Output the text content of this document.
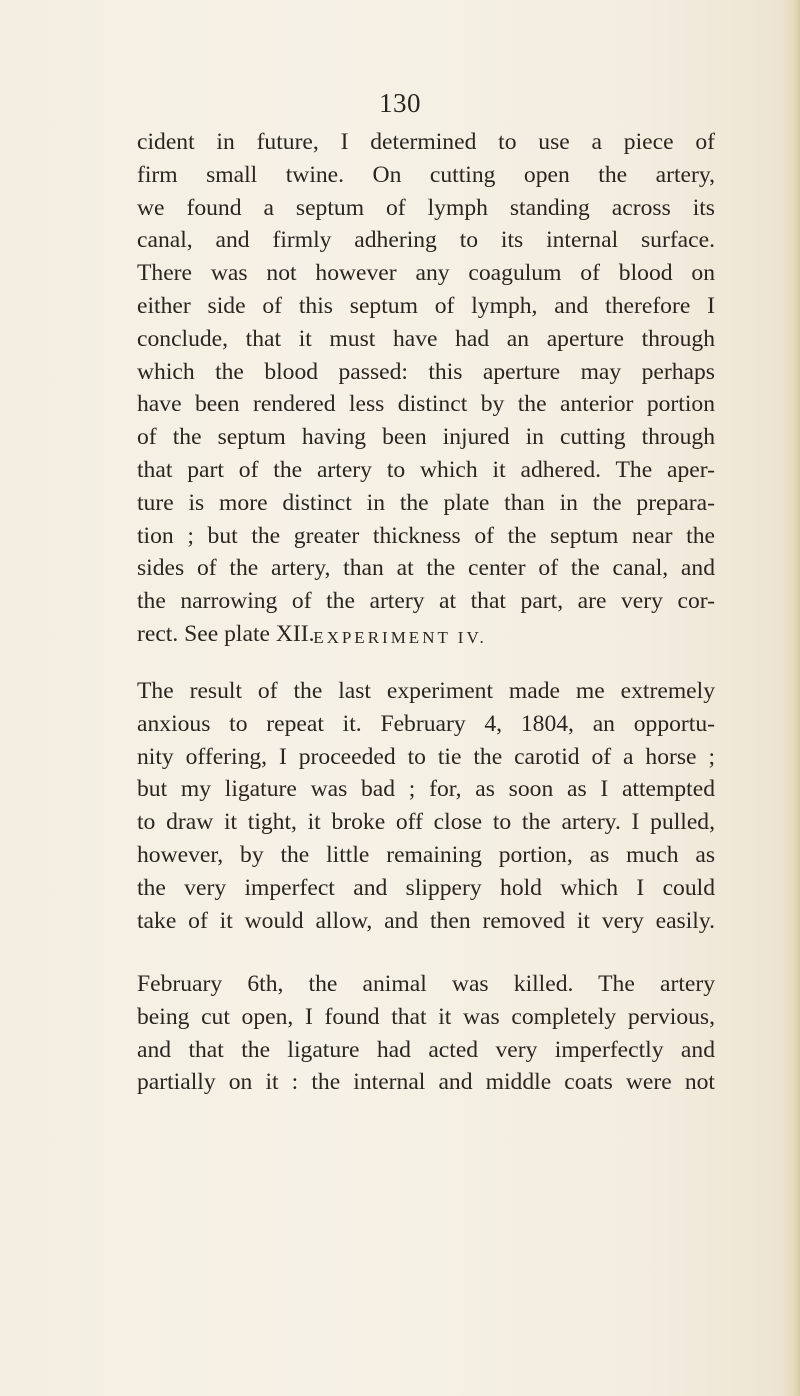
130
cident in future, I determined to use a piece of
firm small twine. On cutting open the artery,
we found a septum of lymph standing across its
canal, and firmly adhering to its internal surface.
There was not however any coagulum of blood on
either side of this septum of lymph, and therefore I
conclude, that it must have had an aperture through
which the blood passed: this aperture may perhaps
have been rendered less distinct by the anterior portion
of the septum having been injured in cutting through
that part of the artery to which it adhered. The aper-
ture is more distinct in the plate than in the prepara-
tion ; but the greater thickness of the septum near the
sides of the artery, than at the center of the canal, and
the narrowing of the artery at that part, are very cor-
rect. See plate XII.
EXPERIMENT IV.
The result of the last experiment made me extremely
anxious to repeat it. February 4, 1804, an opportu-
nity offering, I proceeded to tie the carotid of a horse ;
but my ligature was bad ; for, as soon as I attempted
to draw it tight, it broke off close to the artery. I pulled,
however, by the little remaining portion, as much as
the very imperfect and slippery hold which I could
take of it would allow, and then removed it very easily.
February 6th, the animal was killed. The artery
being cut open, I found that it was completely pervious,
and that the ligature had acted very imperfectly and
partially on it : the internal and middle coats were not
